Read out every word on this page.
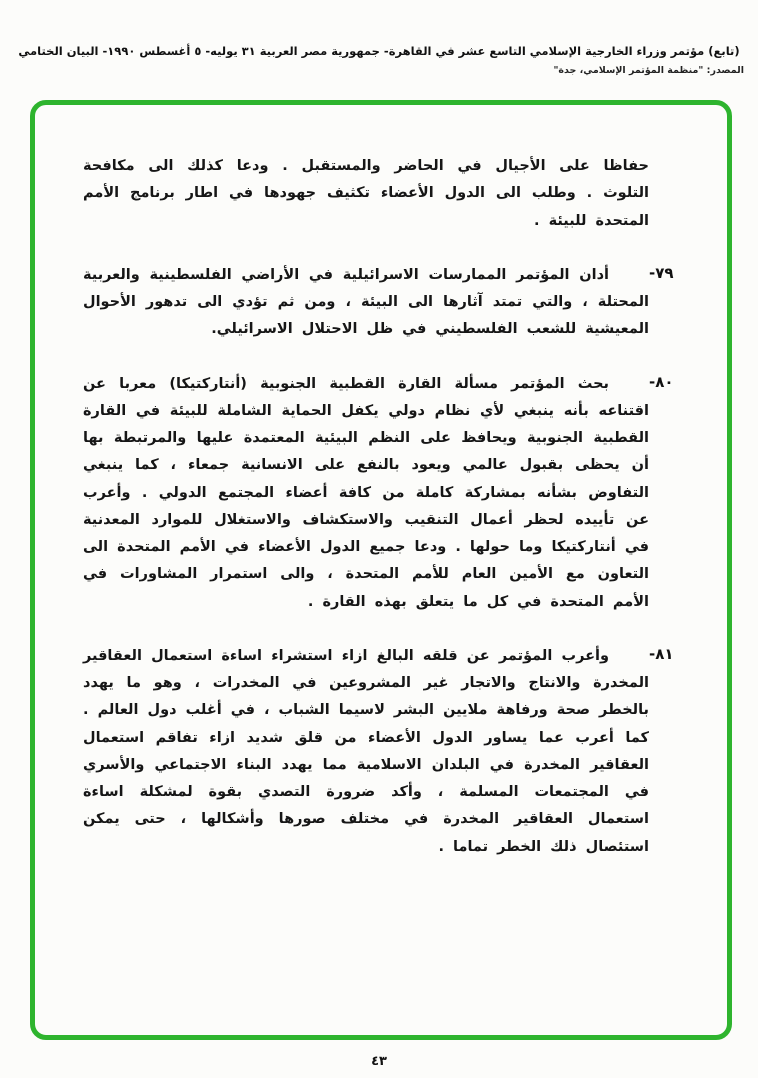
(تابع) مؤتمر وزراء الخارجية الإسلامي التاسع عشر في القاهرة- جمهورية مصر العربية ٣١ يوليه- ٥ أغسطس ١٩٩٠- البيان الختامي
المصدر: "منظمة المؤتمر الإسلامي، جدة"
حفاظا على الأجيال في الحاضر والمستقبل . ودعا كذلك الى مكافحة التلوث . وطلب الى الدول الأعضاء تكثيف جهودها في اطار برنامج الأمم المتحدة للبيئة .
-٧٩
أدان المؤتمر الممارسات الاسرائيلية في الأراضي الفلسطينية والعربية المحتلة ، والتي تمتد آثارها الى البيئة ، ومن ثم تؤدي الى تدهور الأحوال المعيشية للشعب الفلسطيني في ظل الاحتلال الاسرائيلي.
-٨٠
بحث المؤتمر مسألة القارة القطبية الجنوبية (أنتاركتيكا) معربا عن اقتناعه بأنه ينبغي لأي نظام دولي يكفل الحماية الشاملة للبيئة في القارة القطبية الجنوبية ويحافظ على النظم البيئية المعتمدة عليها والمرتبطة بها أن يحظى بقبول عالمي ويعود بالنفع على الانسانية جمعاء ، كما ينبغي التفاوض بشأنه بمشاركة كاملة من كافة أعضاء المجتمع الدولي . وأعرب عن تأييده لحظر أعمال التنقيب والاستكشاف والاستغلال للموارد المعدنية في أنتاركتيكا وما حولها . ودعا جميع الدول الأعضاء في الأمم المتحدة الى التعاون مع الأمين العام للأمم المتحدة ، والى استمرار المشاورات في الأمم المتحدة في كل ما يتعلق بهذه القارة .
-٨١
وأعرب المؤتمر عن قلقه البالغ ازاء استشراء اساءة استعمال العقاقير المخدرة والانتاج والاتجار غير المشروعين في المخدرات ، وهو ما يهدد بالخطر صحة ورفاهة ملايين البشر لاسيما الشباب ، في أغلب دول العالم . كما أعرب عما يساور الدول الأعضاء من قلق شديد ازاء تفاقم استعمال العقاقير المخدرة في البلدان الاسلامية مما يهدد البناء الاجتماعي والأسري في المجتمعات المسلمة ، وأكد ضرورة التصدي بقوة لمشكلة اساءة استعمال العقاقير المخدرة في مختلف صورها وأشكالها ، حتى يمكن استئصال ذلك الخطر تماما .
٤٣
